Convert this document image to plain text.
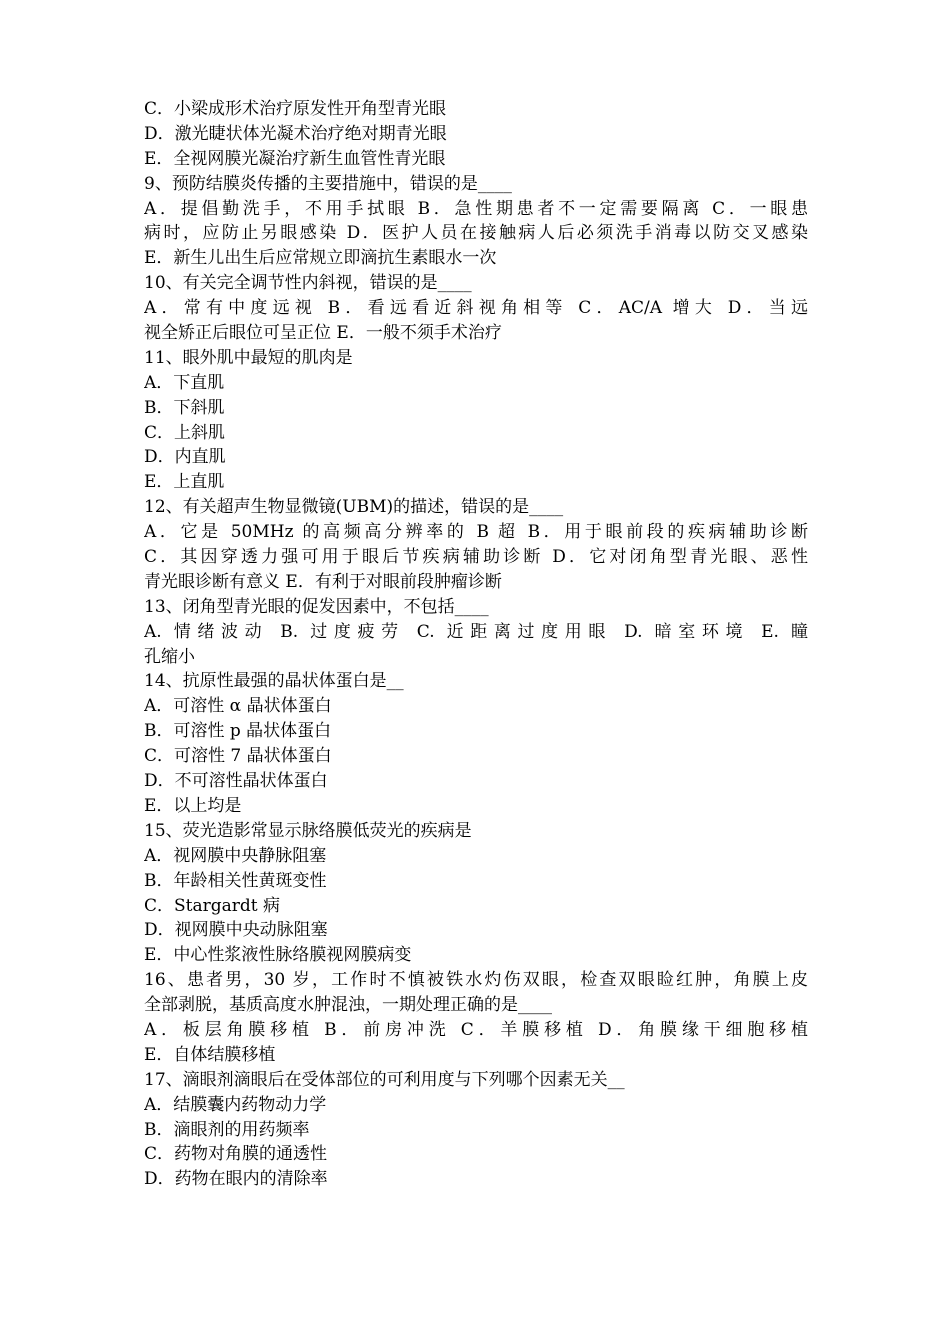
C．小梁成形术治疗原发性开角型青光眼
D．激光睫状体光凝术治疗绝对期青光眼
E．全视网膜光凝治疗新生血管性青光眼
9、预防结膜炎传播的主要措施中，错误的是____
A．提倡勤洗手，不用手拭眼 B．急性期患者不一定需要隔离 C．一眼患
病时，应防止另眼感染 D．医护人员在接触病人后必须洗手消毒以防交叉感染
E．新生儿出生后应常规立即滴抗生素眼水一次
10、有关完全调节性内斜视，错误的是____
A．常有中度远视 B．看远看近斜视角相等 C．AC/A 增大 D．当远
视全矫正后眼位可呈正位 E．一般不须手术治疗
11、眼外肌中最短的肌肉是
A．下直肌
B．下斜肌
C．上斜肌
D．内直肌
E．上直肌
12、有关超声生物显微镜(UBM)的描述，错误的是____
A．它是 50MHz 的高频高分辨率的 B 超 B．用于眼前段的疾病辅助诊断
C．其因穿透力强可用于眼后节疾病辅助诊断 D．它对闭角型青光眼、恶性
青光眼诊断有意义 E．有利于对眼前段肿瘤诊断
13、闭角型青光眼的促发因素中，不包括____
A. 情绪波动 B. 过度疲劳 C. 近距离过度用眼 D. 暗室环境 E. 瞳
孔缩小
14、抗原性最强的晶状体蛋白是__
A．可溶性 α 晶状体蛋白
B．可溶性 p 晶状体蛋白
C．可溶性 7 晶状体蛋白
D．不可溶性晶状体蛋白
E．以上均是
15、荧光造影常显示脉络膜低荧光的疾病是
A．视网膜中央静脉阻塞
B．年龄相关性黄斑变性
C．Stargardt 病
D．视网膜中央动脉阻塞
E．中心性浆液性脉络膜视网膜病变
16、患者男，30 岁，工作时不慎被铁水灼伤双眼，检查双眼睑红肿，角膜上皮
全部剥脱，基质高度水肿混浊，一期处理正确的是____
A．板层角膜移植 B．前房冲洗 C．羊膜移植 D．角膜缘干细胞移植
E．自体结膜移植
17、滴眼剂滴眼后在受体部位的可利用度与下列哪个因素无关__
A．结膜囊内药物动力学
B．滴眼剂的用药频率
C．药物对角膜的通透性
D．药物在眼内的清除率
